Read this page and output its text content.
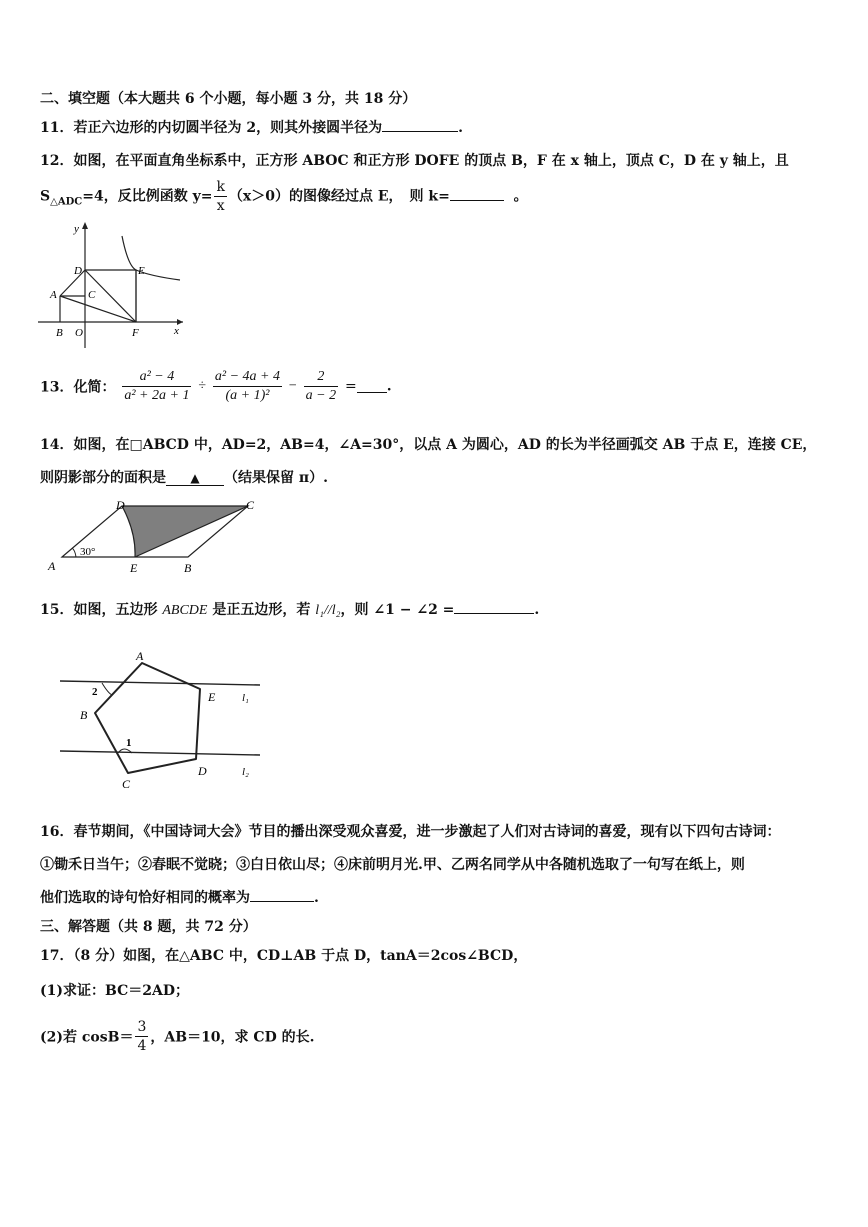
二、填空题（本大题共 6 个小题，每小题 3 分，共 18 分）
11．若正六边形的内切圆半径为 2，则其外接圆半径为	.
12．如图，在平面直角坐标系中，正方形 ABOC 和正方形 DOFE 的顶点 B，F 在 x 轴上，顶点 C，D 在 y 轴上，且
$S_{\triangle ADC}=4$，反比例函数 $y= \frac{k}{x} (x>0)$的图像经过点 E，　则 k=	。
y
x
D	E
A	C
B O	F
13．化简： $\frac{\text{a² − 4}}{\text{a² + 2a + 1}} \div \frac{\text{a² − 4a + 4}}{\text{(a + 1)²}} - \frac{2}{a - 2}$ = .
14．如图，在□ABCD 中，AD=2，AB=4，∠A=30°，以点 A 为圆心，AD 的长为半径画弧交 AB 于点 E，连接 CE，
则阴影部分的面积是 ▲ （结果保留 π）.
D	C
A	E	B
30°
15．如图，五边形 ABCDE 是正五边形，若 l₁//l₂，则 ∠1 − ∠2 =	.
A
B
C
D
E
2
1
l₁
l₂
16．春节期间，《中国诗词大会》节目的播出深受观众喜爱，进一步激起了人们对古诗词的喜爱，现有以下四句古诗词：
①锄禾日当午；②春眠不觉晓；③白日依山尽；④床前明月光.甲、乙两名同学从中各随机选取了一句写在纸上，则
他们选取的诗句恰好相同的概率为	.
三、解答题（共 8 题，共 72 分）
17．（8 分）如图，在△ABC 中，CD⊥AB 于点 D，tanA＝2cos∠BCD，
(1)求证：BC＝2AD；
(2)若 $\cos B= \frac{3}{4}$ ，AB＝10，求 CD 的长.
